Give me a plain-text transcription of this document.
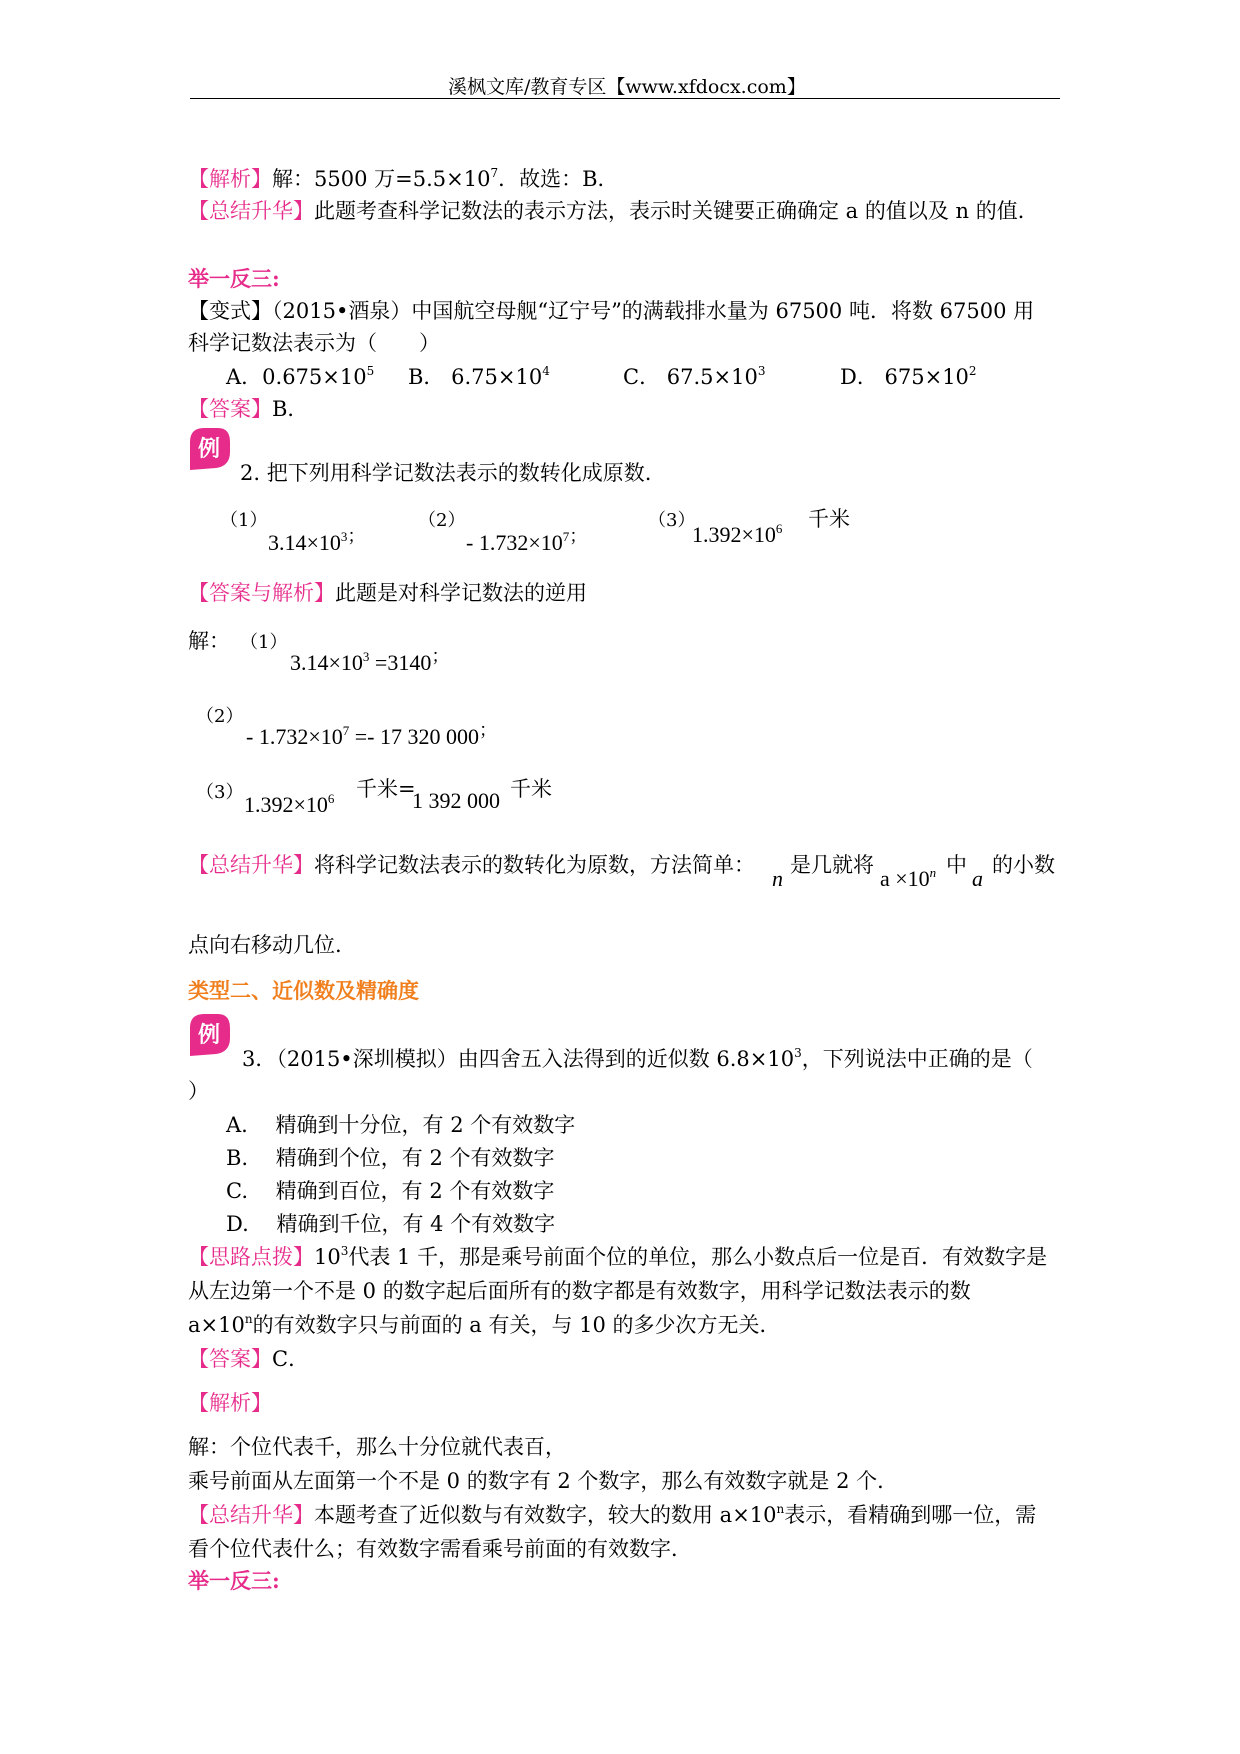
溪枫文库/教育专区【www.xfdocx.com】
【解析】解：5500 万$=5.5\times 10^7$．故选：B．
【总结升华】此题考查科学记数法的表示方法，表示时关键要正确确定 a 的值以及 n 的值．
举一反三:
【变式】（2015•酒泉）中国航空母舰“辽宁号”的满载排水量为 67500 吨．将数 67500 用
科学记数法表示为（　　）
A．$0.675\times 10^5$ B． $6.75\times 10^4$	C． $67.5\times 10^3$	D． $675\times 10^2$
【答案】B．
例
2. 把下列用科学记数法表示的数转化成原数.
（1）
$3.14\times 10^{3;}$
（2）
- $1.732\times 10^{7;}$
（3）
$1.392\times 10^6$ 千米
【答案与解析】此题是对科学记数法的逆用
解： （1）
$3.14\times 10^3 =3140^;$
（2）
- $1.732\times 10^7 =- 17$ 320 000；
（3） $1.392\times 10^6$ 千米=
1 392 000 千米
【总结升华】将科学记数法表示的数转化为原数，方法简单：
n
是几就将
$a \times 10^n$ 中
a
的小数
点向右移动几位.
类型二、近似数及精确度
例
3．（2015•深圳模拟）由四舍五入法得到的近似数 $6.8\times 10^3$，下列说法中正确的是（
）
A.　 精确到十分位，有 2 个有效数字
B.　 精确到个位，有 2 个有效数字
C.　 精确到百位，有 2 个有效数字
D.　 精确到千位，有 4 个有效数字
【思路点拨】$10^3$代表 1 千，那是乘号前面个位的单位，那么小数点后一位是百．有效数字是
从左边第一个不是 0 的数字起后面所有的数字都是有效数字，用科学记数法表示的数
$a\times 10^n$的有效数字只与前面的 a 有关，与 10 的多少次方无关．
【答案】C．
【解析】
解：个位代表千，那么十分位就代表百，
乘号前面从左面第一个不是 0 的数字有 2 个数字，那么有效数字就是 2 个．
【总结升华】本题考查了近似数与有效数字，较大的数用 $a\times 10^n$表示，看精确到哪一位，需
看个位代表什么；有效数字需看乘号前面的有效数字．
举一反三:
